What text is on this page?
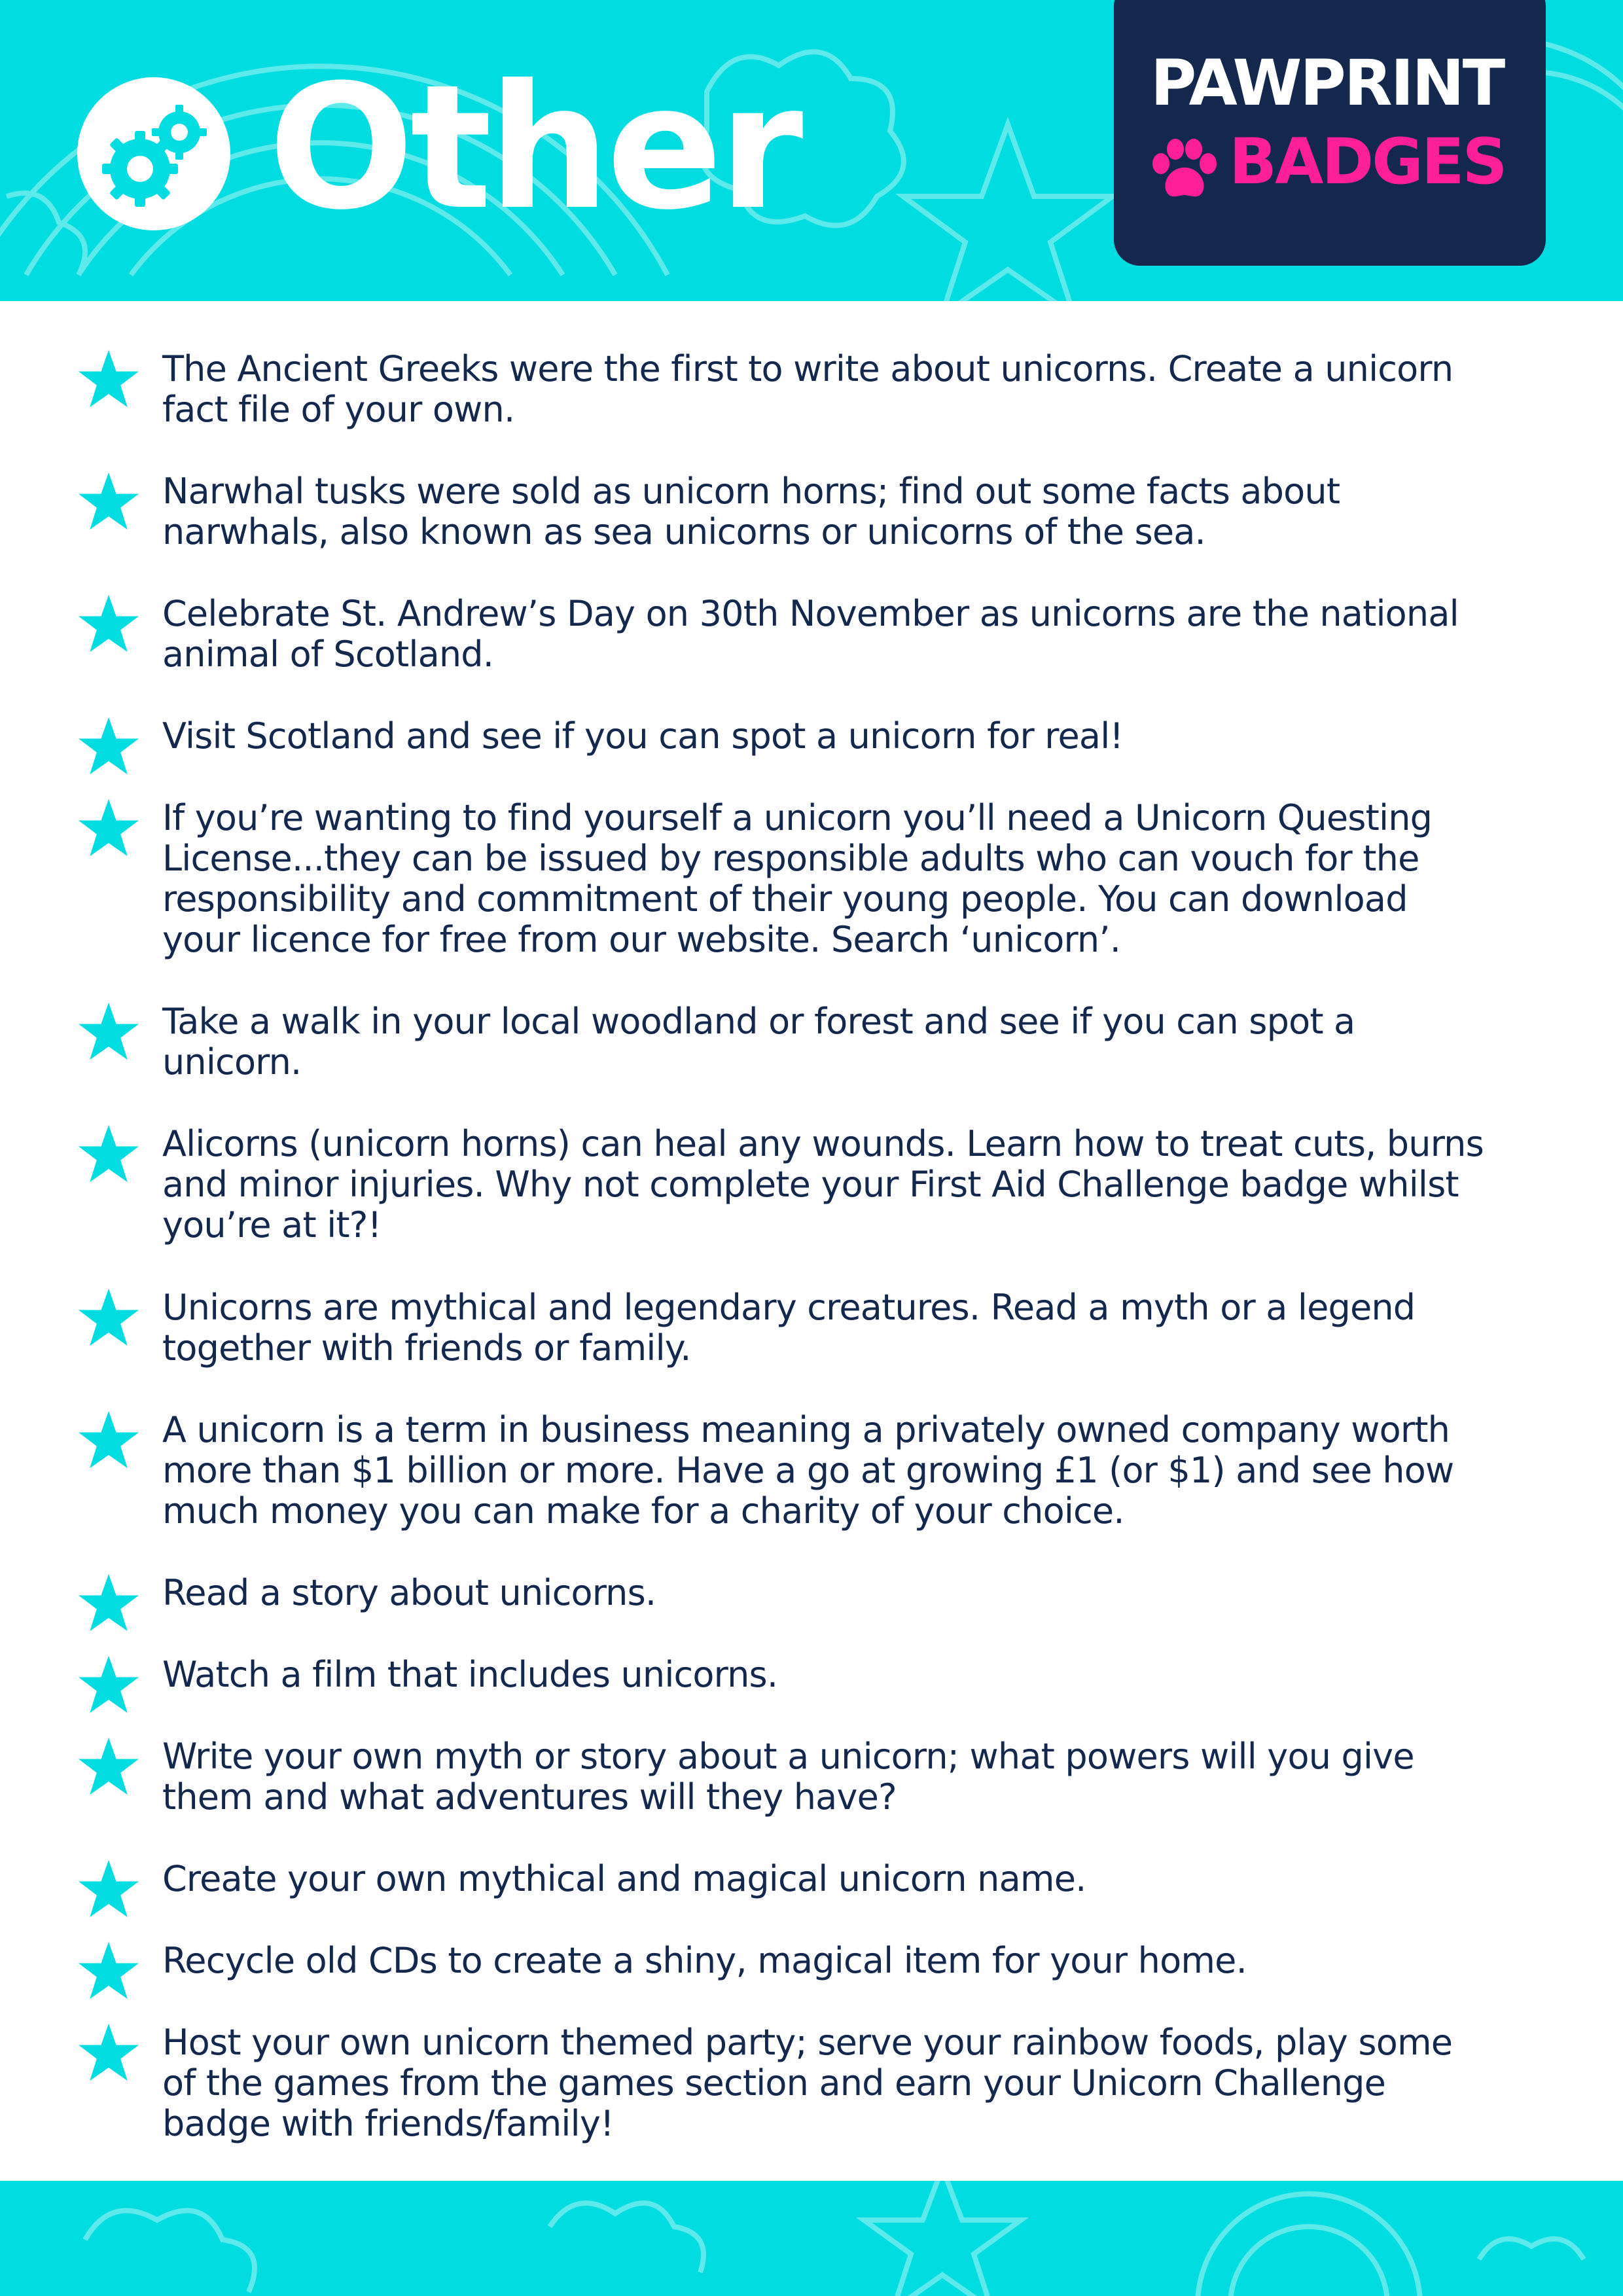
Other	PAWPRINT
BADGES
The Ancient Greeks were the first to write about unicorns. Create a unicorn
fact file of your own.
Narwhal tusks were sold as unicorn horns; find out some facts about
narwhals, also known as sea unicorns or unicorns of the sea.
Celebrate St. Andrew’s Day on 30th November as unicorns are the national
animal of Scotland.
Visit Scotland and see if you can spot a unicorn for real!
If you’re wanting to find yourself a unicorn you’ll need a Unicorn Questing
License...they can be issued by responsible adults who can vouch for the
responsibility and commitment of their young people. You can download
your licence for free from our website. Search ‘unicorn’.
Take a walk in your local woodland or forest and see if you can spot a
unicorn.
Alicorns (unicorn horns) can heal any wounds. Learn how to treat cuts, burns
and minor injuries. Why not complete your First Aid Challenge badge whilst
you’re at it?!
Unicorns are mythical and legendary creatures. Read a myth or a legend
together with friends or family.
A unicorn is a term in business meaning a privately owned company worth
more than $1 billion or more. Have a go at growing £1 (or $1) and see how
much money you can make for a charity of your choice.
Read a story about unicorns.
Watch a film that includes unicorns.
Write your own myth or story about a unicorn; what powers will you give
them and what adventures will they have?
Create your own mythical and magical unicorn name.
Recycle old CDs to create a shiny, magical item for your home.
Host your own unicorn themed party; serve your rainbow foods, play some
of the games from the games section and earn your Unicorn Challenge
badge with friends/family!
